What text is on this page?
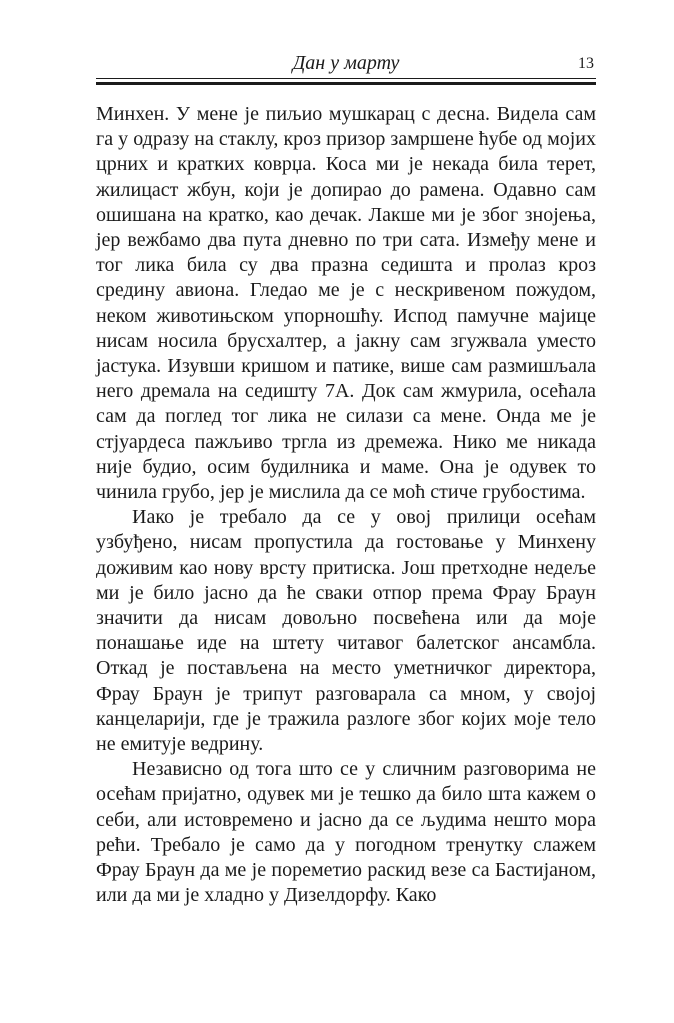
Дан у марту	13

Минхен. У мене је пиљио мушкарац с десна. Видела сам га у одразу на стаклу, кроз призор замршене ћубе од мојих црних и кратких коврџа. Коса ми је некада била терет, жилицаст жбун, који је допирао до рамена. Одавно сам ошишана на кратко, као дечак. Лакше ми је због знојења, јер вежбамо два пута дневно по три сата. Између мене и тог лика била су два празна седишта и пролаз кроз средину авиона. Гледао ме је с нескривеном пожудом, неком животињском упорношћу. Испод памучне мајице нисам носила брусхалтер, а јакну сам згужвала уместо јастука. Изувши кришом и патике, више сам размишљала него дремала на седишту 7А. Док сам жмурила, осећала сам да поглед тог лика не силази са мене. Онда ме је стјуардеса пажљиво тргла из дремежа. Нико ме никада није будио, осим будилника и маме. Она је одувек то чинила грубо, јер је мислила да се моћ стиче грубостима.

Иако је требало да се у овој прилици осећам узбуђено, нисам пропустила да гостовање у Минхену доживим као нову врсту притиска. Још претходне недеље ми је било јасно да ће сваки отпор према Фрау Браун значити да нисам довољно посвећена или да моје понашање иде на штету читавог балетског ансамбла. Откад је постављена на место уметничког директора, Фрау Браун је трипут разговарала са мном, у својој канцеларији, где је тражила разлоге због којих моје тело не емитује ведрину.

Независно од тога што се у сличним разговорима не осећам пријатно, одувек ми је тешко да било шта кажем о себи, али истовремено и јасно да се људима нешто мора рећи. Требало је само да у погодном тренутку слажем Фрау Браун да ме је пореметио раскид везе са Бастијаном, или да ми је хладно у Дизелдорфу. Како
